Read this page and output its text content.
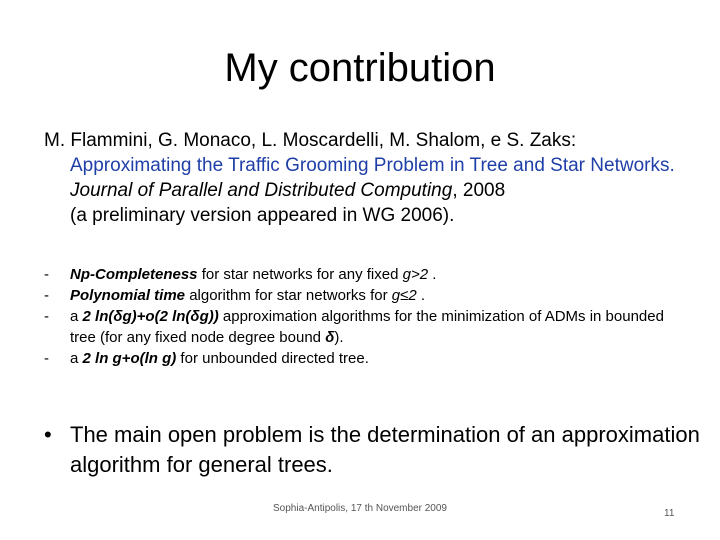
My contribution
M. Flammini, G. Monaco, L. Moscardelli, M. Shalom, e S. Zaks:
Approximating the Traffic Grooming Problem in Tree and Star Networks. Journal of Parallel and Distributed Computing, 2008
(a preliminary version appeared in WG 2006).
- Np-Completeness for star networks for any fixed g>2 .
- Polynomial time algorithm for star networks for g≤2 .
- a 2 ln(δg)+o(2 ln(δg)) approximation algorithms for the minimization of ADMs in bounded tree (for any fixed node degree bound δ).
- a 2 ln g+o(ln g) for unbounded directed tree.
• The main open problem is the determination of an approximation algorithm for general trees.
Sophia-Antipolis, 17 th November 2009	11
